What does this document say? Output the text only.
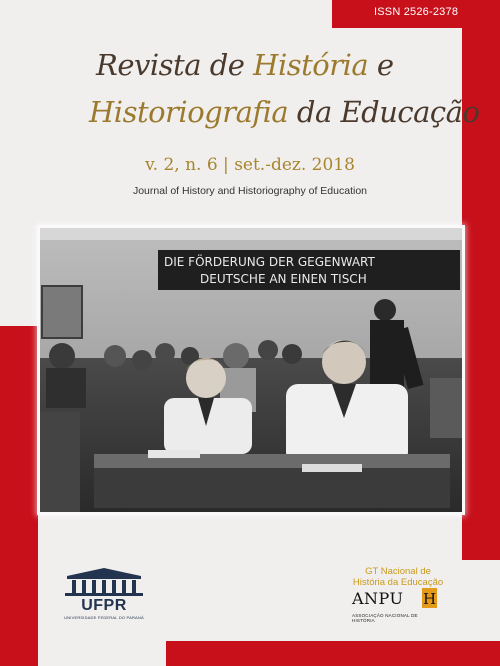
ISSN 2526-2378
Revista de História e
Historiografia da Educação
v. 2, n. 6 | set.-dez. 2018
Journal of History and Historiography of Education
DIE FÖRDERUNG DER GEGENWART
DEUTSCHE AN EINEN TISCH
UFPR
UNIVERSIDADE FEDERAL DO PARANÁ
GT Nacional de
História da Educação
ANPU H
ASSOCIAÇÃO NACIONAL DE HISTÓRIA
